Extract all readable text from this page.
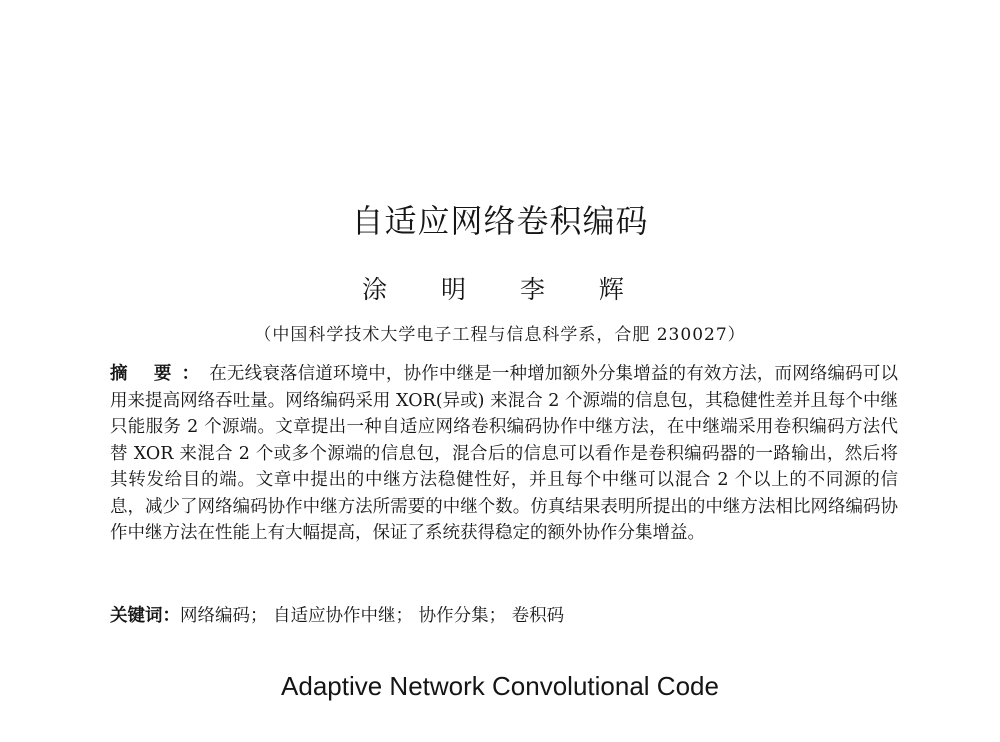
自适应网络卷积编码
涂 明 李 辉
（中国科学技术大学电子工程与信息科学系，合肥 230027）
摘 要：在无线衰落信道环境中，协作中继是一种增加额外分集增益的有效方法，而网络编码可以用来提高网络吞吐量。网络编码采用 XOR(异或) 来混合 2 个源端的信息包，其稳健性差并且每个中继只能服务 2 个源端。文章提出一种自适应网络卷积编码协作中继方法，在中继端采用卷积编码方法代替 XOR 来混合 2 个或多个源端的信息包，混合后的信息可以看作是卷积编码器的一路输出，然后将其转发给目的端。文章中提出的中继方法稳健性好，并且每个中继可以混合 2 个以上的不同源的信息，减少了网络编码协作中继方法所需要的中继个数。仿真结果表明所提出的中继方法相比网络编码协作中继方法在性能上有大幅提高，保证了系统获得稳定的额外协作分集增益。
关键词：网络编码； 自适应协作中继； 协作分集； 卷积码
Adaptive Network Convolutional Code
